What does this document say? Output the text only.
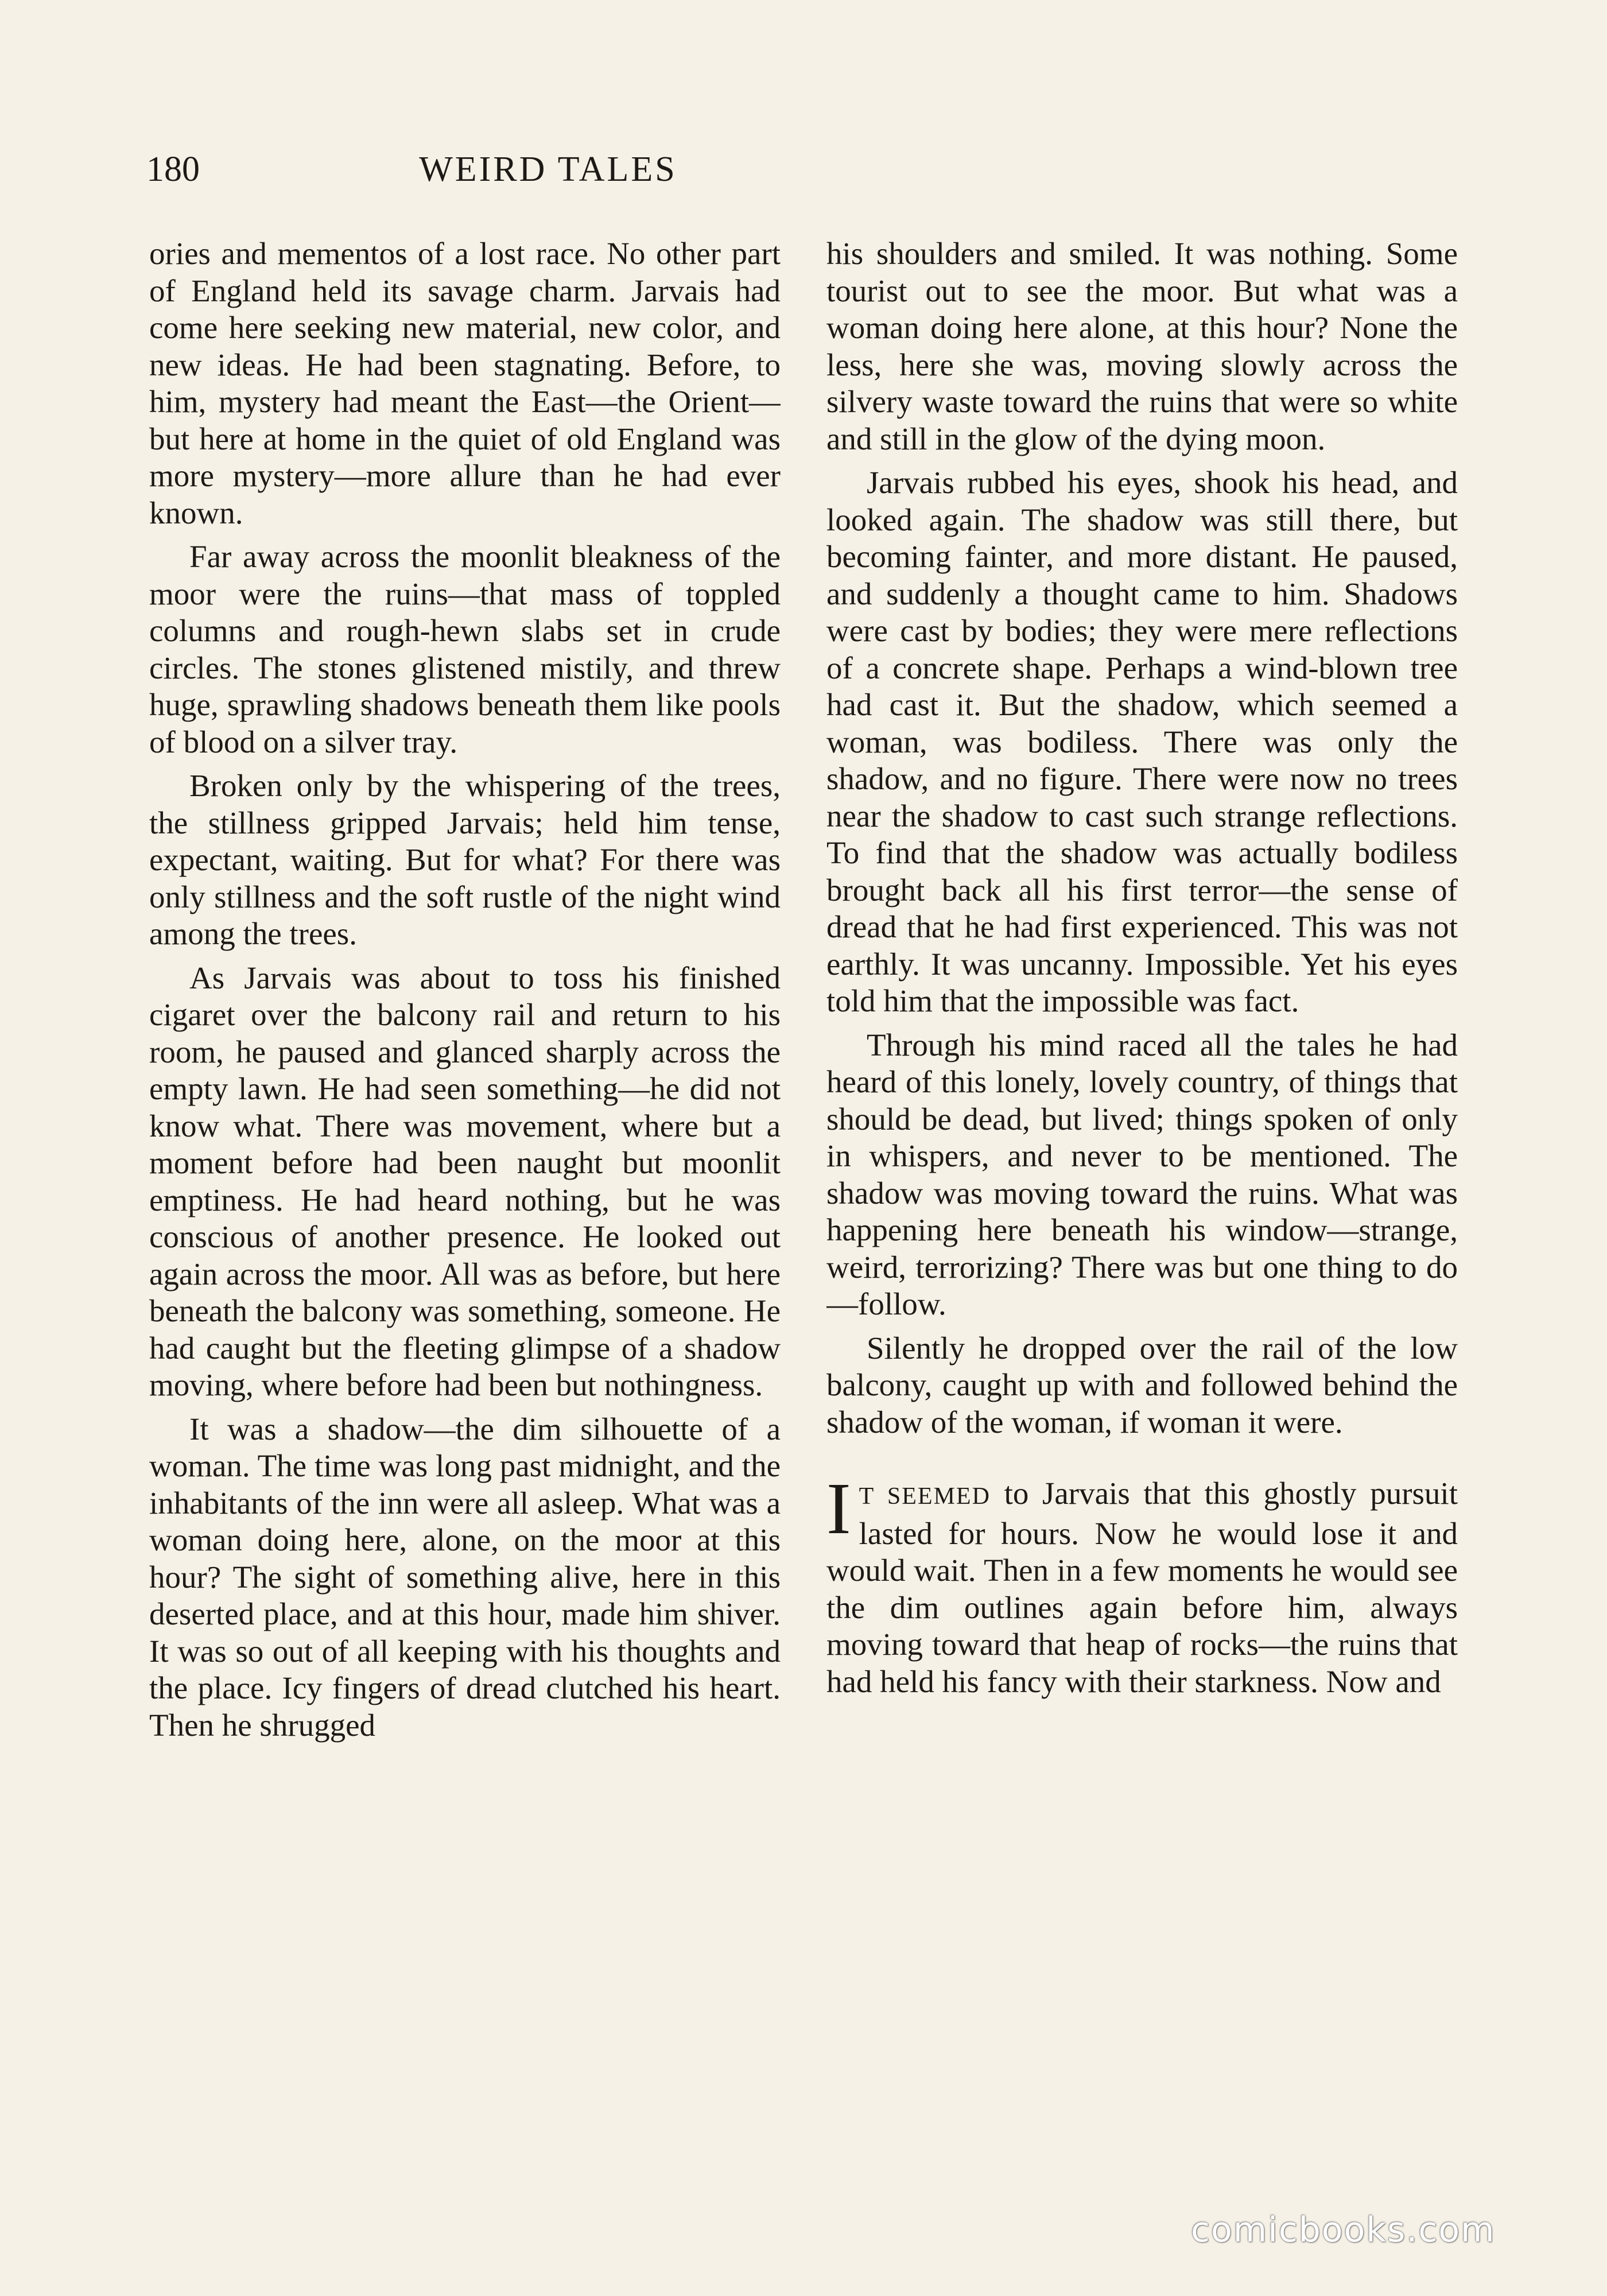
180	WEIRD TALES

ories and mementos of a lost race. No other part of England held its savage charm. Jarvais had come here seeking new material, new color, and new ideas. He had been stagnating. Before, to him, mystery had meant the East—the Orient—but here at home in the quiet of old England was more mystery—more allure than he had ever known.

Far away across the moonlit bleakness of the moor were the ruins—that mass of toppled columns and rough-hewn slabs set in crude circles. The stones glistened mistily, and threw huge, sprawling shadows beneath them like pools of blood on a silver tray.

Broken only by the whispering of the trees, the stillness gripped Jarvais; held him tense, expectant, waiting. But for what? For there was only stillness and the soft rustle of the night wind among the trees.

As Jarvais was about to toss his finished cigaret over the balcony rail and return to his room, he paused and glanced sharply across the empty lawn. He had seen something—he did not know what. There was movement, where but a moment before had been naught but moonlit emptiness. He had heard nothing, but he was conscious of another presence. He looked out again across the moor. All was as before, but here beneath the balcony was something, someone. He had caught but the fleeting glimpse of a shadow moving, where before had been but nothingness.

It was a shadow—the dim silhouette of a woman. The time was long past midnight, and the inhabitants of the inn were all asleep. What was a woman doing here, alone, on the moor at this hour? The sight of something alive, here in this deserted place, and at this hour, made him shiver. It was so out of all keeping with his thoughts and the place. Icy fingers of dread clutched his heart. Then he shrugged

his shoulders and smiled. It was nothing. Some tourist out to see the moor. But what was a woman doing here alone, at this hour? None the less, here she was, moving slowly across the silvery waste toward the ruins that were so white and still in the glow of the dying moon.

Jarvais rubbed his eyes, shook his head, and looked again. The shadow was still there, but becoming fainter, and more distant. He paused, and suddenly a thought came to him. Shadows were cast by bodies; they were mere reflections of a concrete shape. Perhaps a wind-blown tree had cast it. But the shadow, which seemed a woman, was bodiless. There was only the shadow, and no figure. There were now no trees near the shadow to cast such strange reflections. To find that the shadow was actually bodiless brought back all his first terror—the sense of dread that he had first experienced. This was not earthly. It was uncanny. Impossible. Yet his eyes told him that the impossible was fact.

Through his mind raced all the tales he had heard of this lonely, lovely country, of things that should be dead, but lived; things spoken of only in whispers, and never to be mentioned. The shadow was moving toward the ruins. What was happening here beneath his window—strange, weird, terrorizing? There was but one thing to do—follow.

Silently he dropped over the rail of the low balcony, caught up with and followed behind the shadow of the woman, if woman it were.

I T SEEMED to Jarvais that this ghostly pursuit lasted for hours. Now he would lose it and would wait. Then in a few moments he would see the dim outlines again before him, always moving toward that heap of rocks—the ruins that had held his fancy with their starkness. Now and

comicbooks.com
